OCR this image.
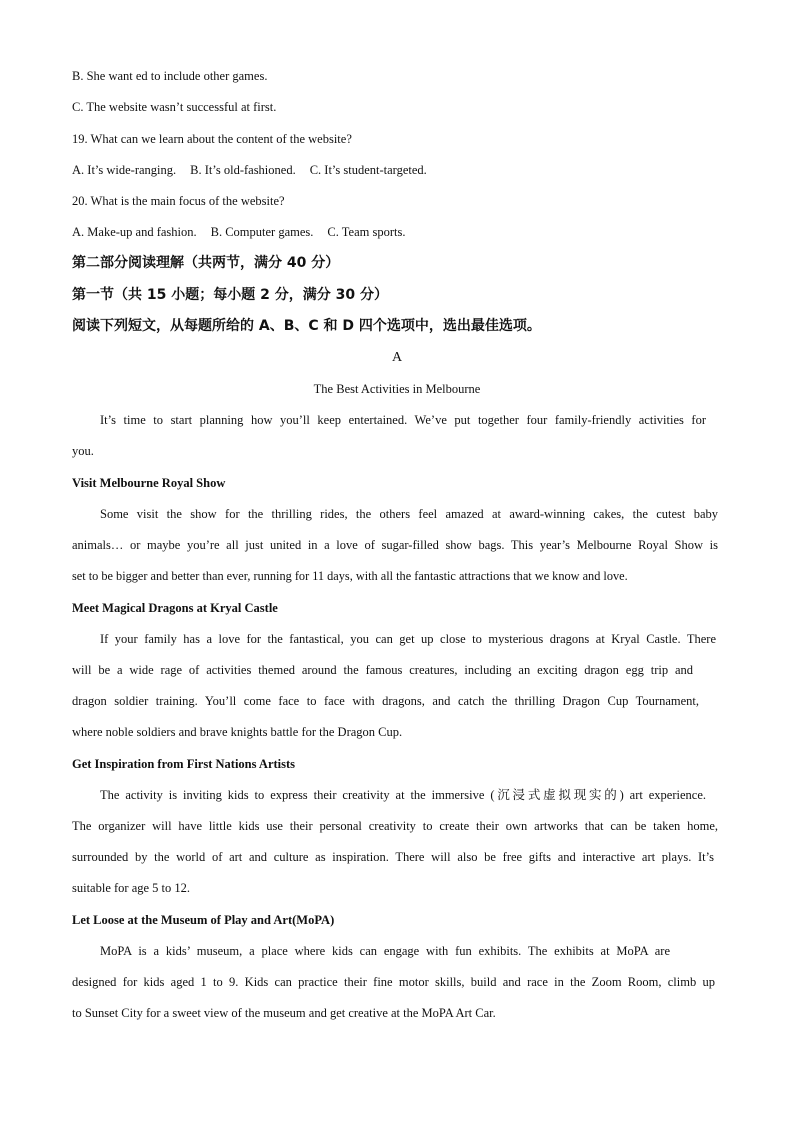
B. She want ed to include other games.
C. The website wasn’t successful at first.
19. What can we learn about the content of the website?
A. It’s wide-ranging. B. It’s old-fashioned. C. It’s student-targeted.
20. What is the main focus of the website?
A. Make-up and fashion. B. Computer games. C. Team sports.
第二部分阅读理解（共两节，满分 40 分）
第一节（共 15 小题；每小题 2 分，满分 30 分）
阅读下列短文，从每题所给的 A、B、C 和 D 四个选项中，选出最佳选项。
A
The Best Activities in Melbourne
It’s time to start planning how you’ll keep entertained. We’ve put together four family-friendly activities for
you.
Visit Melbourne Royal Show
Some visit the show for the thrilling rides, the others feel amazed at award-winning cakes, the cutest baby
animals… or maybe you’re all just united in a love of sugar-filled show bags. This year’s Melbourne Royal Show is
set to be bigger and better than ever, running for 11 days, with all the fantastic attractions that we know and love.
Meet Magical Dragons at Kryal Castle
If your family has a love for the fantastical, you can get up close to mysterious dragons at Kryal Castle. There
will be a wide rage of activities themed around the famous creatures, including an exciting dragon egg trip and
dragon soldier training. You’ll come face to face with dragons, and catch the thrilling Dragon Cup Tournament,
where noble soldiers and brave knights battle for the Dragon Cup.
Get Inspiration from First Nations Artists
The activity is inviting kids to express their creativity at the immersive (沉浸式虚拟现实的) art experience.
The organizer will have little kids use their personal creativity to create their own artworks that can be taken home,
surrounded by the world of art and culture as inspiration. There will also be free gifts and interactive art plays. It’s
suitable for age 5 to 12.
Let Loose at the Museum of Play and Art(MoPA)
MoPA is a kids’ museum, a place where kids can engage with fun exhibits. The exhibits at MoPA are
designed for kids aged 1 to 9. Kids can practice their fine motor skills, build and race in the Zoom Room, climb up
to Sunset City for a sweet view of the museum and get creative at the MoPA Art Car.
